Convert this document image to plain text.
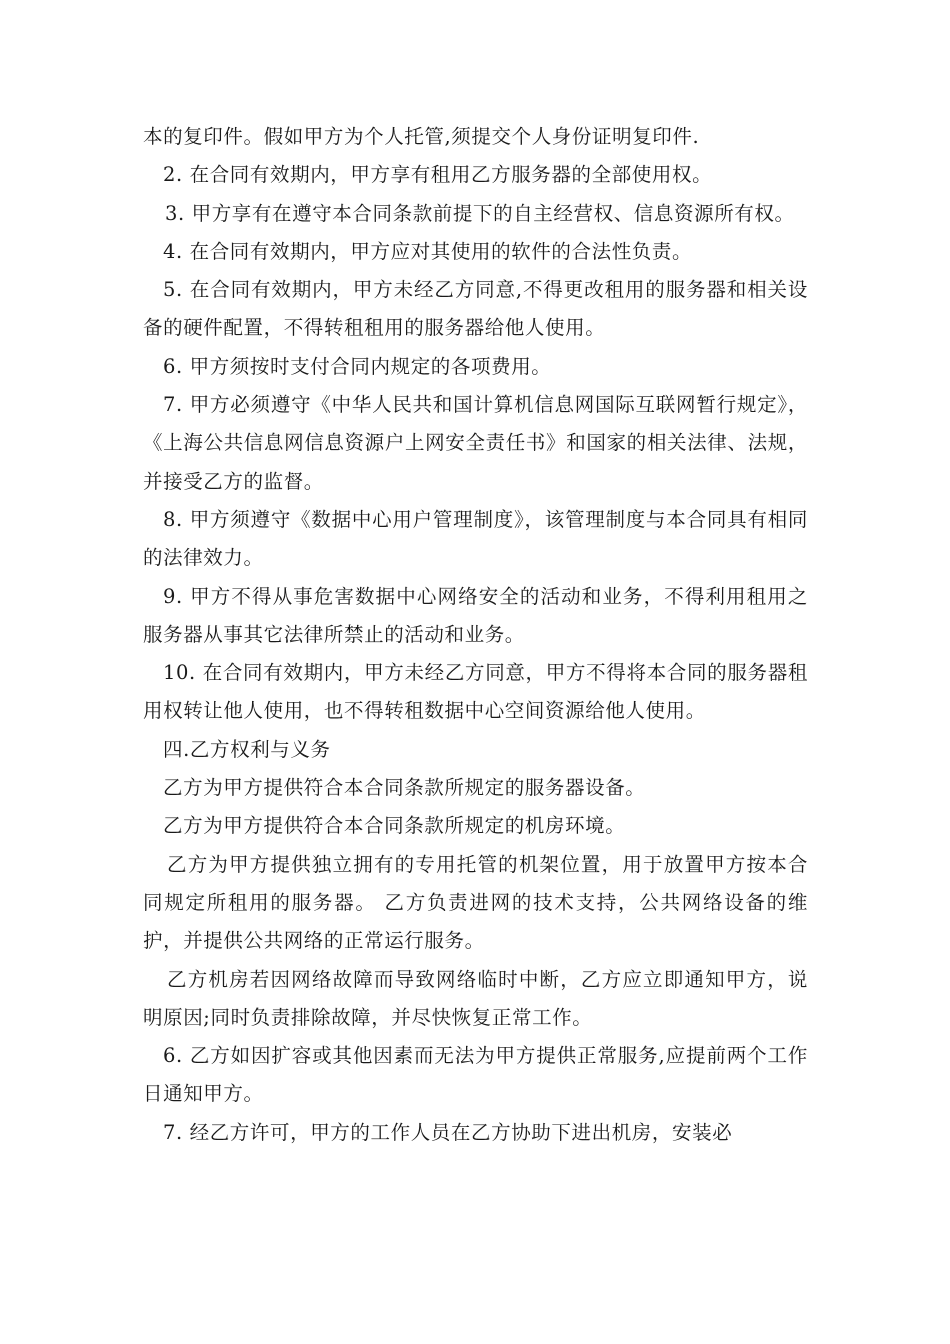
本的复印件。假如甲方为个人托管,须提交个人身份证明复印件.

2. 在合同有效期内，甲方享有租用乙方服务器的全部使用权。

3. 甲方享有在遵守本合同条款前提下的自主经营权、信息资源所有权。

4. 在合同有效期内，甲方应对其使用的软件的合法性负责。

5. 在合同有效期内，甲方未经乙方同意,不得更改租用的服务器和相关设备的硬件配置，不得转租租用的服务器给他人使用。

6. 甲方须按时支付合同内规定的各项费用。

7. 甲方必须遵守《中华人民共和国计算机信息网国际互联网暂行规定》，《上海公共信息网信息资源户上网安全责任书》和国家的相关法律、法规，并接受乙方的监督。

8. 甲方须遵守《数据中心用户管理制度》，该管理制度与本合同具有相同的法律效力。

9. 甲方不得从事危害数据中心网络安全的活动和业务，不得利用租用之服务器从事其它法律所禁止的活动和业务。

10. 在合同有效期内，甲方未经乙方同意，甲方不得将本合同的服务器租用权转让他人使用，也不得转租数据中心空间资源给他人使用。

四.乙方权利与义务

乙方为甲方提供符合本合同条款所规定的服务器设备。

乙方为甲方提供符合本合同条款所规定的机房环境。

乙方为甲方提供独立拥有的专用托管的机架位置，用于放置甲方按本合同规定所租用的服务器。 乙方负责进网的技术支持，公共网络设备的维护，并提供公共网络的正常运行服务。

乙方机房若因网络故障而导致网络临时中断，乙方应立即通知甲方，说明原因;同时负责排除故障，并尽快恢复正常工作。

6. 乙方如因扩容或其他因素而无法为甲方提供正常服务,应提前两个工作日通知甲方。

7. 经乙方许可，甲方的工作人员在乙方协助下进出机房，安装必
